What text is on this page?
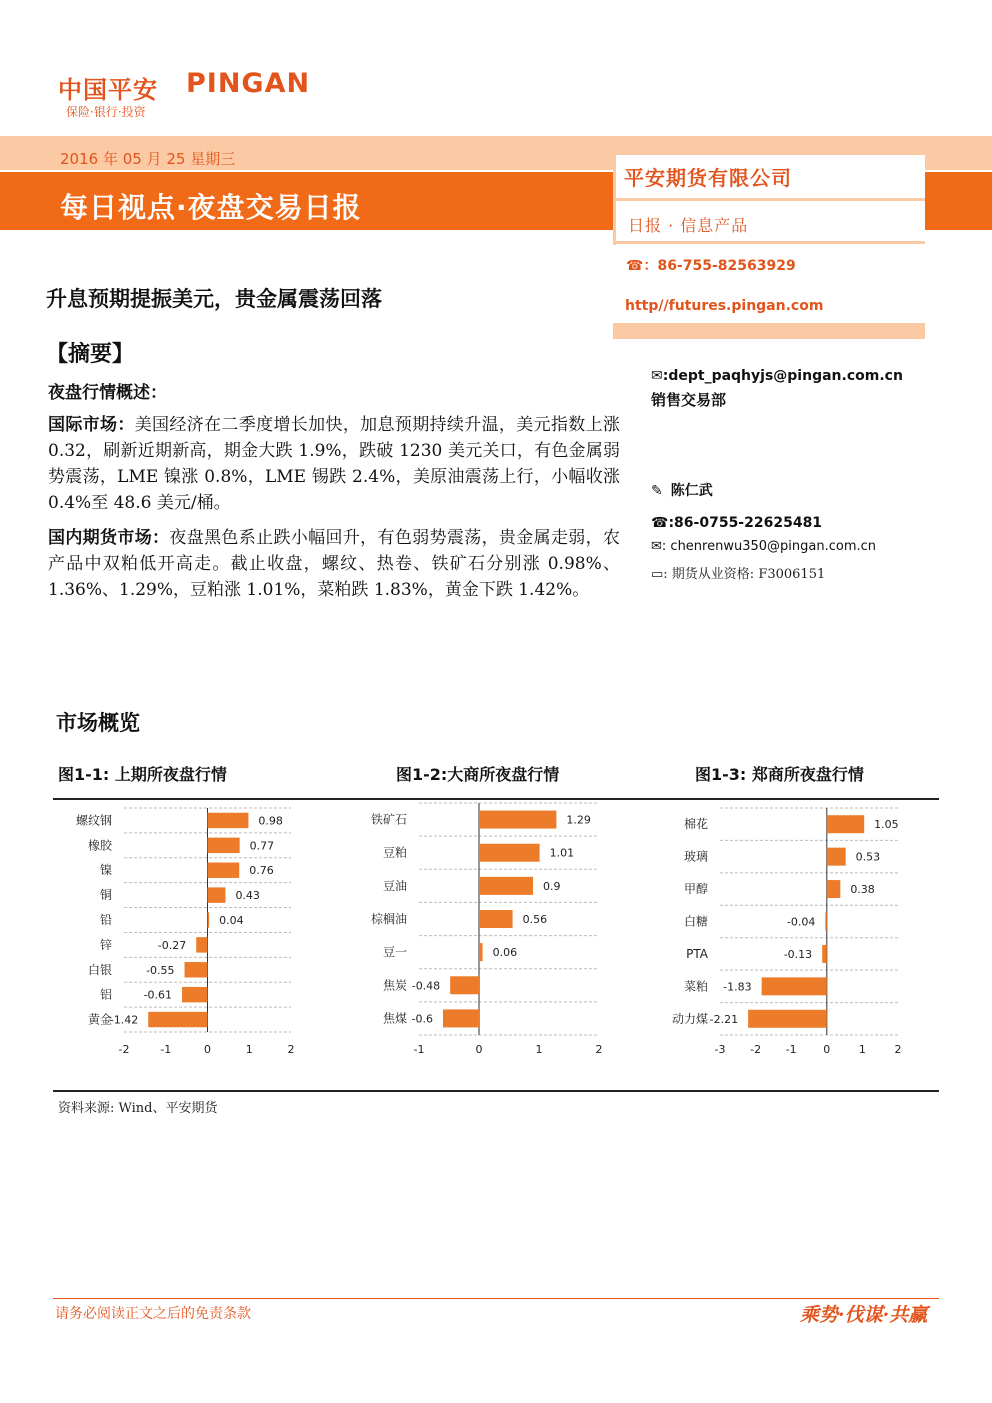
中国平安 PINGAN
保险·银行·投资
2016 年 05 月 25 星期三
每日视点·夜盘交易日报
平安期货有限公司
日报 · 信息产品
☎：86-755-82563929
http//futures.pingan.com
升息预期提振美元，贵金属震荡回落
【摘要】
夜盘行情概述：
国际市场：美国经济在二季度增长加快，加息预期持续升温，美元指数上涨 0.32，刷新近期新高，期金大跌 1.9%，跌破 1230 美元关口，有色金属弱势震荡，LME 镍涨 0.8%，LME 锡跌 2.4%，美原油震荡上行，小幅收涨 0.4%至 48.6 美元/桶。
国内期货市场：夜盘黑色系止跌小幅回升，有色弱势震荡，贵金属走弱，农产品中双粕低开高走。截止收盘，螺纹、热卷、铁矿石分别涨 0.98%、1.36%、1.29%，豆粕涨 1.01%，菜粕跌 1.83%，黄金下跌 1.42%。
✉:dept_paqhyjs@pingan.com.cn
销售交易部
✎ 陈仁武
☎:86-0755-22625481
✉: chenrenwu350@pingan.com.cn
▭: 期货从业资格: F3006151
市场概览
图1-1: 上期所夜盘行情	图1-2:大商所夜盘行情	图1-3: 郑商所夜盘行情
螺纹钢	0.98
橡胶	0.77
镍	0.76
铜	0.43
铅	0.04
锌	-0.27
白银	-0.55
铝	-0.61
黄金
-1.42
-2	-1	0	1	2
铁矿石	1.29
豆粕	1.01
豆油	0.9
棕榈油	0.56
豆一	0.06
焦炭 -0.48
焦煤 -0.6
-1	0	1	2
棉花	1.05
玻璃	0.53
甲醇	0.38
白糖	-0.04
PTA	-0.13
菜粕 -1.83
动力煤 -2.21
-3 -2 -1 0	1	2
资料来源: Wind、平安期货
请务必阅读正文之后的免责条款	乘势·伐谋·共赢
